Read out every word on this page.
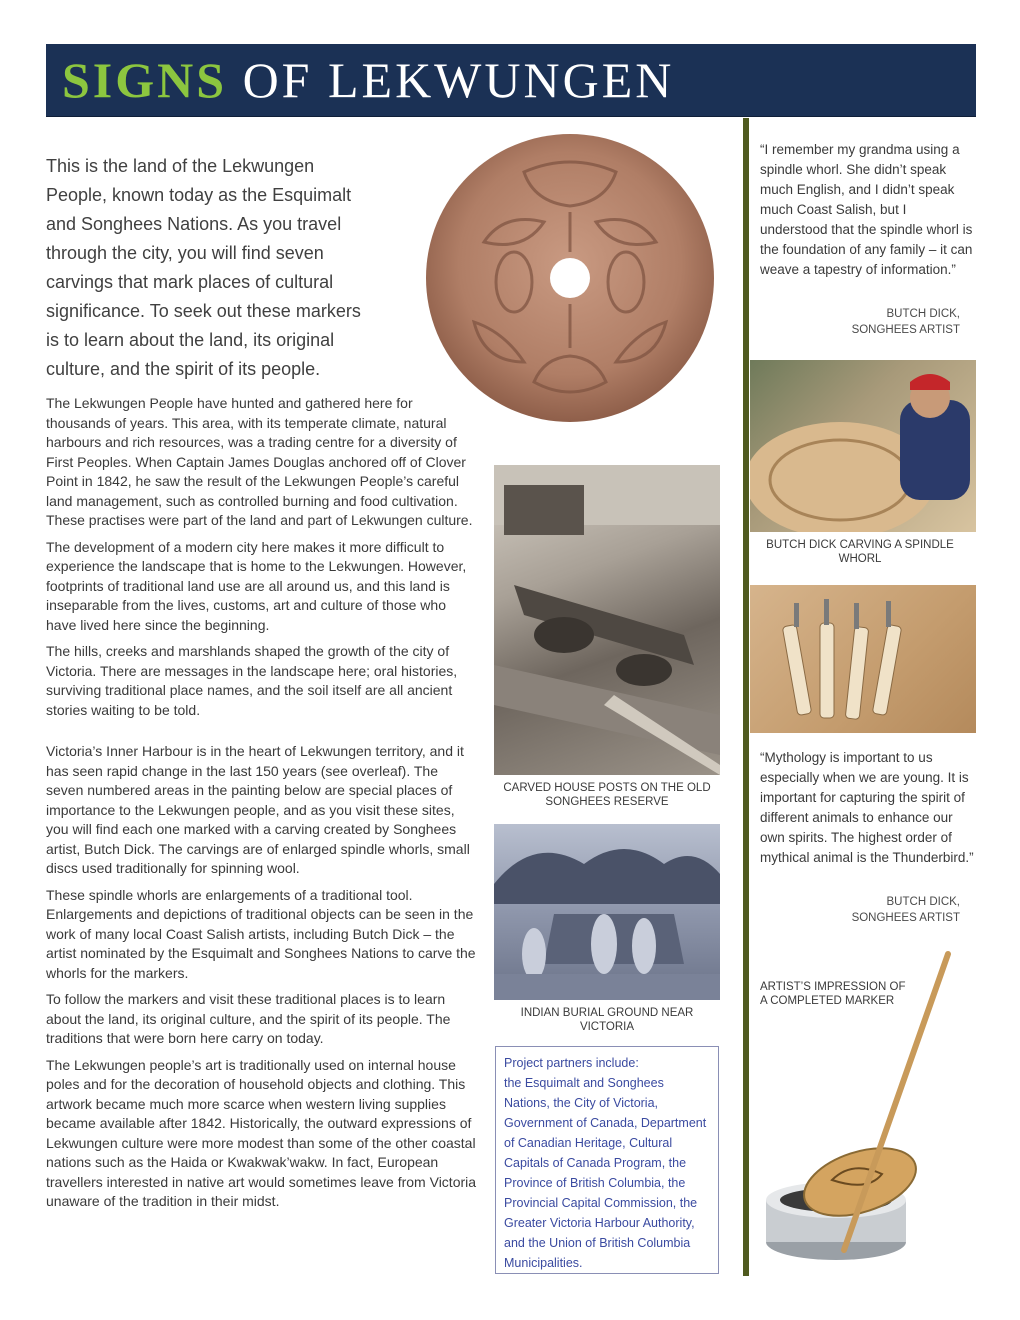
SIGNS OF LEKWUNGEN
This is the land of the Lekwungen People, known today as the Esquimalt and Songhees Nations. As you travel through the city, you will find seven carvings that mark places of cultural significance. To seek out these markers is to learn about the land, its original culture, and the spirit of its people.

The Lekwungen People have hunted and gathered here for thousands of years. This area, with its temperate climate, natural harbours and rich resources, was a trading centre for a diversity of First Peoples. When Captain James Douglas anchored off of Clover Point in 1842, he saw the result of the Lekwungen People’s careful land management, such as controlled burning and food cultivation. These practises were part of the land and part of Lekwungen culture.

The development of a modern city here makes it more difficult to experience the landscape that is home to the Lekwungen. However, footprints of traditional land use are all around us, and this land is inseparable from the lives, customs, art and culture of those who have lived here since the beginning.

The hills, creeks and marshlands shaped the growth of the city of Victoria. There are messages in the landscape here; oral histories, surviving traditional place names, and the soil itself are all ancient stories waiting to be told.

Victoria’s Inner Harbour is in the heart of Lekwungen territory, and it has seen rapid change in the last 150 years (see overleaf). The seven numbered areas in the painting below are special places of importance to the Lekwungen people, and as you visit these sites, you will find each one marked with a carving created by Songhees artist, Butch Dick. The carvings are of enlarged spindle whorls, small discs used traditionally for spinning wool.

These spindle whorls are enlargements of a traditional tool. Enlargements and depictions of traditional objects can be seen in the work of many local Coast Salish artists, including Butch Dick – the artist nominated by the Esquimalt and Songhees Nations to carve the whorls for the markers.

To follow the markers and visit these traditional places is to learn about the land, its original culture, and the spirit of its people. The traditions that were born here carry on today.

The Lekwungen people’s art is traditionally used on internal house poles and for the decoration of household objects and clothing. This artwork became much more scarce when western living supplies became available after 1842. Historically, the outward expressions of Lekwungen culture were more modest than some of the other coastal nations such as the Haida or Kwakwak’wakw. In fact, European travellers interested in native art would sometimes leave from Victoria unaware of the tradition in their midst.

CARVED HOUSE POSTS ON THE OLD SONGHEES RESERVE
INDIAN BURIAL GROUND NEAR VICTORIA
Project partners include:
the Esquimalt and Songhees Nations, the City of Victoria, Government of Canada, Department of Canadian Heritage, Cultural Capitals of Canada Program, the Province of British Columbia, the Provincial Capital Commission, the Greater Victoria Harbour Authority, and the Union of British Columbia Municipalities.
“I remember my grandma using a spindle whorl. She didn’t speak much English, and I didn’t speak much Coast Salish, but I understood that the spindle whorl is the foundation of any family – it can weave a tapestry of information.”
BUTCH DICK,
SONGHEES ARTIST
BUTCH DICK CARVING A SPINDLE WHORL
“Mythology is important to us especially when we are young. It is important for capturing the spirit of different animals to enhance our own spirits. The highest order of mythical animal is the Thunderbird.”
BUTCH DICK,
SONGHEES ARTIST
ARTIST’S IMPRESSION OF A COMPLETED MARKER
